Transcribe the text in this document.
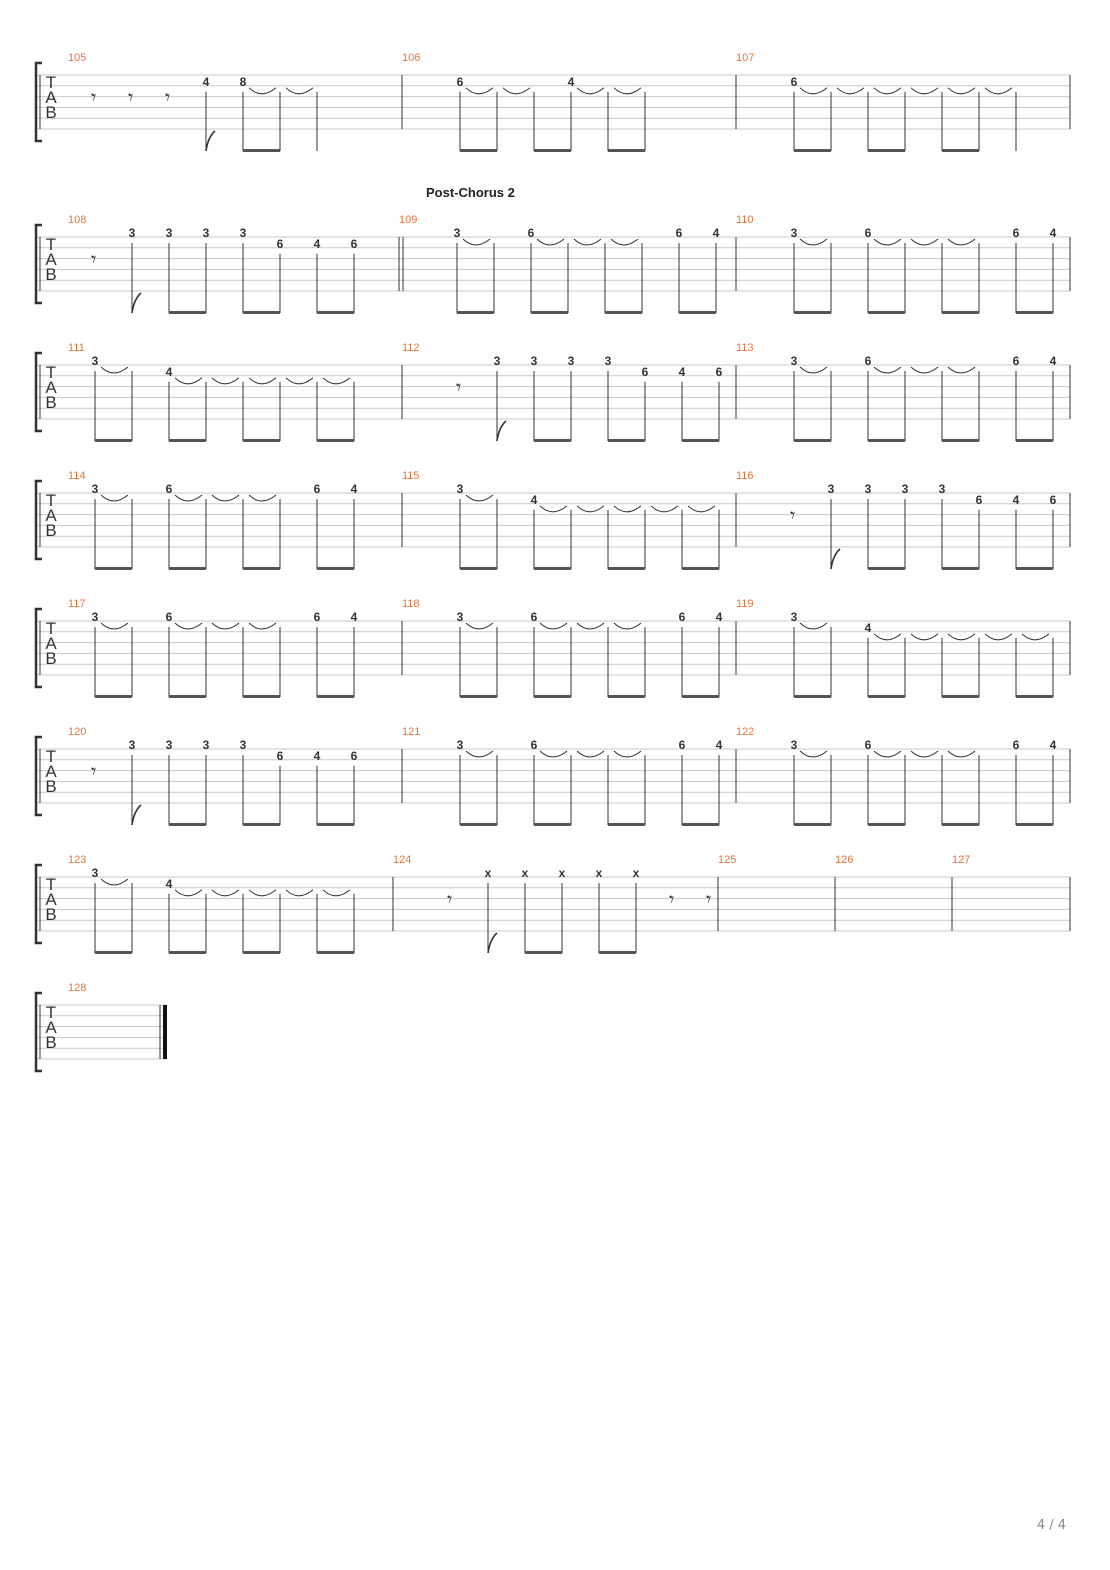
T
A
B
105
𝄾 𝄾 𝄾
4	8
106
6	4
107
6
T
A
B
108
𝄾
3	3	3	3
6	4	6
109
Post-Chorus 2
3	6	6	4
110
3	6	6	4
T
A
B
111
3
4
112
𝄾
3	3	3	3
6	4	6
113
3	6	6	4
T
A
B
114
3	6	6	4
115
3
4
116
𝄾
3	3	3	3
6	4	6
T
A
B
117
3	6	6	4
118
3	6	6	4
119
3
4
T
A
B
120
𝄾
3	3	3	3
6	4	6
121
3	6	6	4
122
3	6	6	4
T
A
B
123
3
4
124
𝄾
x	x	x	x	x
𝄾 𝄾
125	126	127
T
A
B
128
4 / 4
